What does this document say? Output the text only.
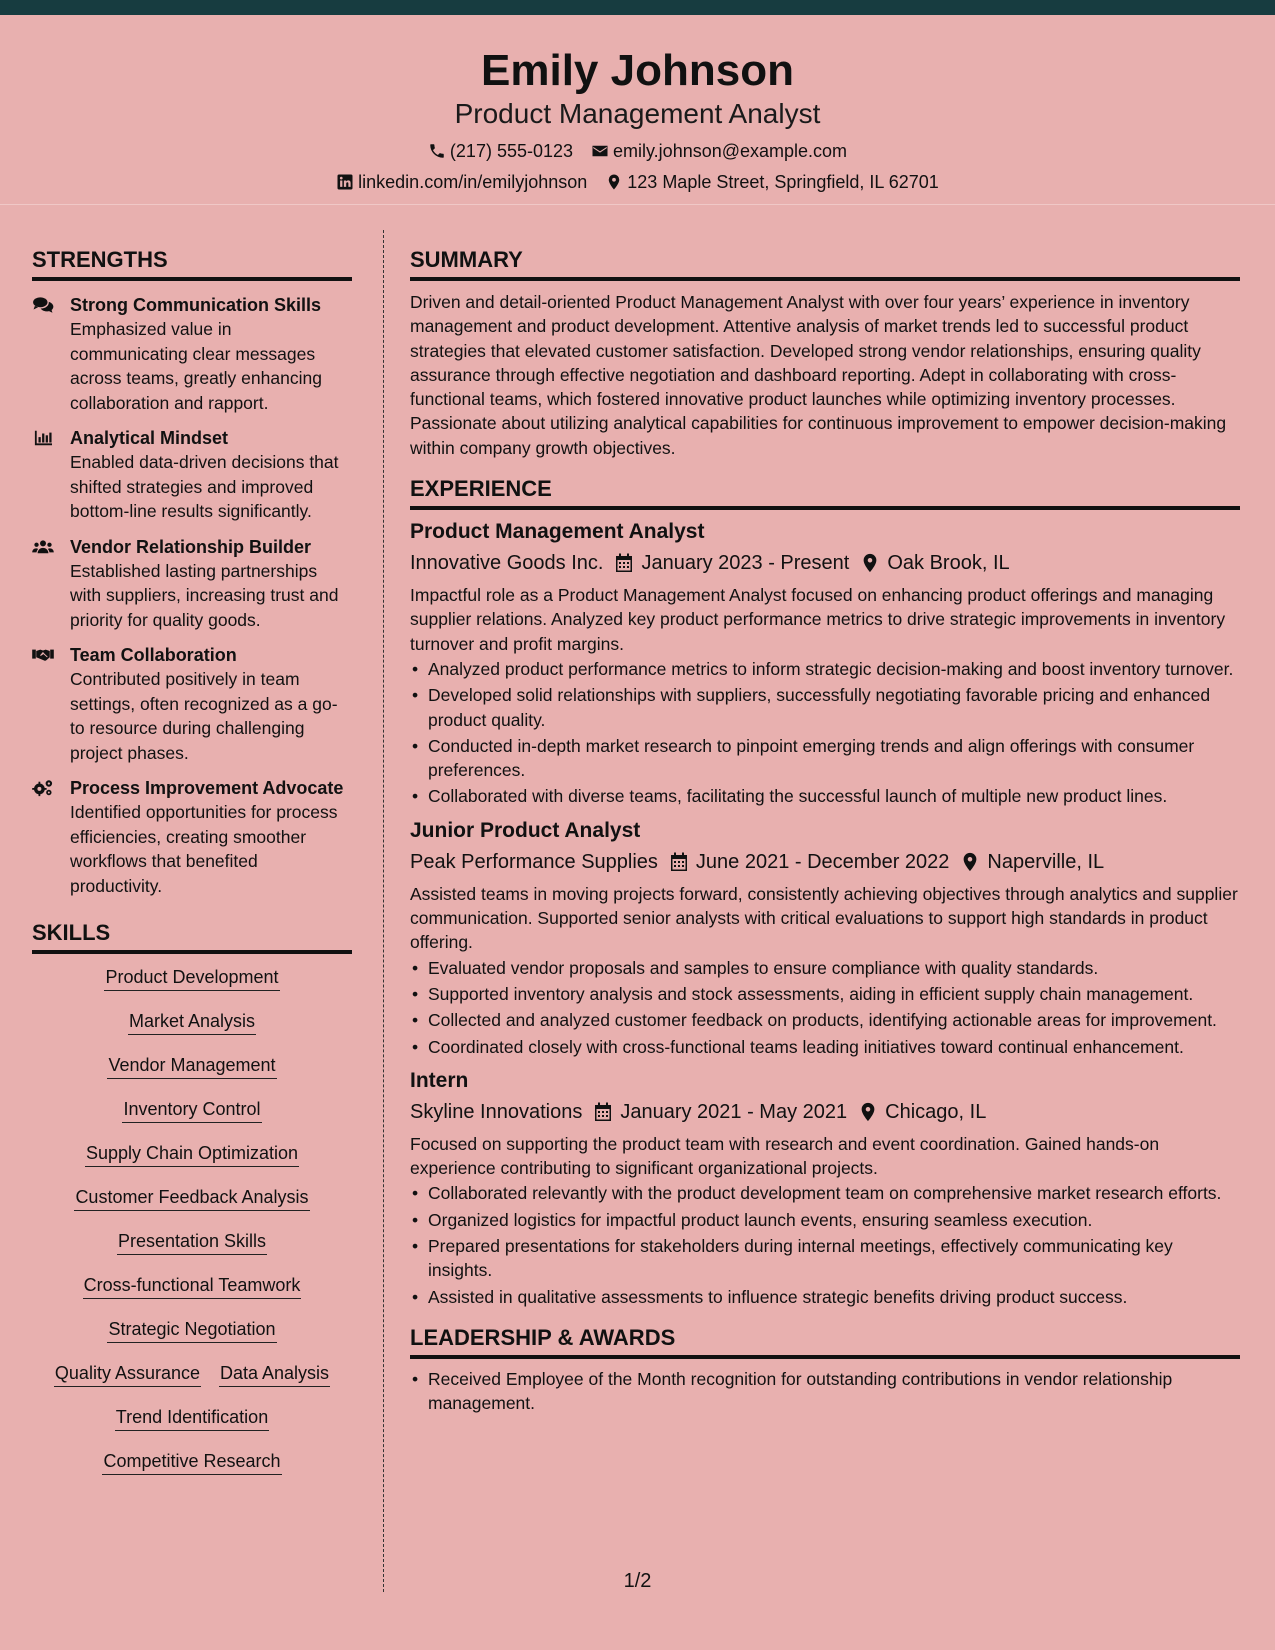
Emily Johnson
Product Management Analyst
(217) 555-0123 emily.johnson@example.com
linkedin.com/in/emilyjohnson 123 Maple Street, Springfield, IL 62701
STRENGTHS
Strong Communication Skills
Emphasized value in communicating clear messages across teams, greatly enhancing collaboration and rapport.
Analytical Mindset
Enabled data-driven decisions that shifted strategies and improved bottom-line results significantly.
Vendor Relationship Builder
Established lasting partnerships with suppliers, increasing trust and priority for quality goods.
Team Collaboration
Contributed positively in team settings, often recognized as a go-to resource during challenging project phases.
Process Improvement Advocate
Identified opportunities for process efficiencies, creating smoother workflows that benefited productivity.
SKILLS
Product Development
Market Analysis
Vendor Management
Inventory Control
Supply Chain Optimization
Customer Feedback Analysis
Presentation Skills
Cross-functional Teamwork
Strategic Negotiation
Quality Assurance Data Analysis
Trend Identification
Competitive Research
SUMMARY
Driven and detail-oriented Product Management Analyst with over four years’ experience in inventory management and product development. Attentive analysis of market trends led to successful product strategies that elevated customer satisfaction. Developed strong vendor relationships, ensuring quality assurance through effective negotiation and dashboard reporting. Adept in collaborating with cross-functional teams, which fostered innovative product launches while optimizing inventory processes. Passionate about utilizing analytical capabilities for continuous improvement to empower decision-making within company growth objectives.
EXPERIENCE
Product Management Analyst
Innovative Goods Inc. January 2023 - Present Oak Brook, IL
Impactful role as a Product Management Analyst focused on enhancing product offerings and managing supplier relations. Analyzed key product performance metrics to drive strategic improvements in inventory turnover and profit margins.
• Analyzed product performance metrics to inform strategic decision-making and boost inventory turnover.
• Developed solid relationships with suppliers, successfully negotiating favorable pricing and enhanced product quality.
• Conducted in-depth market research to pinpoint emerging trends and align offerings with consumer preferences.
• Collaborated with diverse teams, facilitating the successful launch of multiple new product lines.
Junior Product Analyst
Peak Performance Supplies June 2021 - December 2022 Naperville, IL
Assisted teams in moving projects forward, consistently achieving objectives through analytics and supplier communication. Supported senior analysts with critical evaluations to support high standards in product offering.
• Evaluated vendor proposals and samples to ensure compliance with quality standards.
• Supported inventory analysis and stock assessments, aiding in efficient supply chain management.
• Collected and analyzed customer feedback on products, identifying actionable areas for improvement.
• Coordinated closely with cross-functional teams leading initiatives toward continual enhancement.
Intern
Skyline Innovations January 2021 - May 2021 Chicago, IL
Focused on supporting the product team with research and event coordination. Gained hands-on experience contributing to significant organizational projects.
• Collaborated relevantly with the product development team on comprehensive market research efforts.
• Organized logistics for impactful product launch events, ensuring seamless execution.
• Prepared presentations for stakeholders during internal meetings, effectively communicating key insights.
• Assisted in qualitative assessments to influence strategic benefits driving product success.
LEADERSHIP & AWARDS
• Received Employee of the Month recognition for outstanding contributions in vendor relationship management.
1/2
